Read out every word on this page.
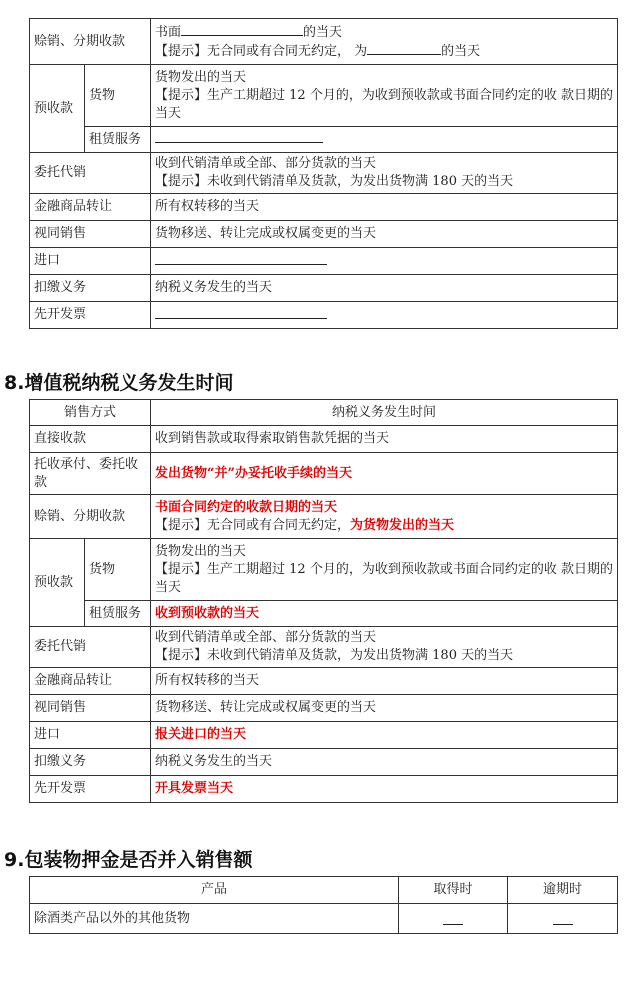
赊销、分期收款		书面 的当天
【提示】无合同或有合同无约定， 为 的当天
预收款	货物	货物发出的当天
【提示】生产工期超过 12 个月的，为收到预收款或书面合同约定的收 款日期的当天

	租赁服务	
委托代销		收到代销清单或全部、部分货款的当天
【提示】未收到代销清单及货款，为发出货物满 180 天的当天

金融商品转让		所有权转移的当天
视同销售		货物移送、转让完成或权属变更的当天
进口		
扣缴义务		纳税义务发生的当天
先开发票		
8.增值税纳税义务发生时间
销售方式		纳税义务发生时间
直接收款		收到销售款或取得索取销售款凭据的当天
托收承付、委托收款		发出货物“并”办妥托收手续的当天
赊销、分期收款		书面合同约定的收款日期的当天
【提示】无合同或有合同无约定，为货物发出的当天

预收款	货物	货物发出的当天
【提示】生产工期超过 12 个月的，为收到预收款或书面合同约定的收 款日期的当天

	租赁服务	收到预收款的当天
委托代销		收到代销清单或全部、部分货款的当天
【提示】未收到代销清单及货款，为发出货物满 180 天的当天

金融商品转让		所有权转移的当天
视同销售		货物移送、转让完成或权属变更的当天
进口		报关进口的当天
扣缴义务		纳税义务发生的当天
先开发票		开具发票当天
9.包装物押金是否并入销售额
产品	取得时	逾期时
除酒类产品以外的其他货物		
